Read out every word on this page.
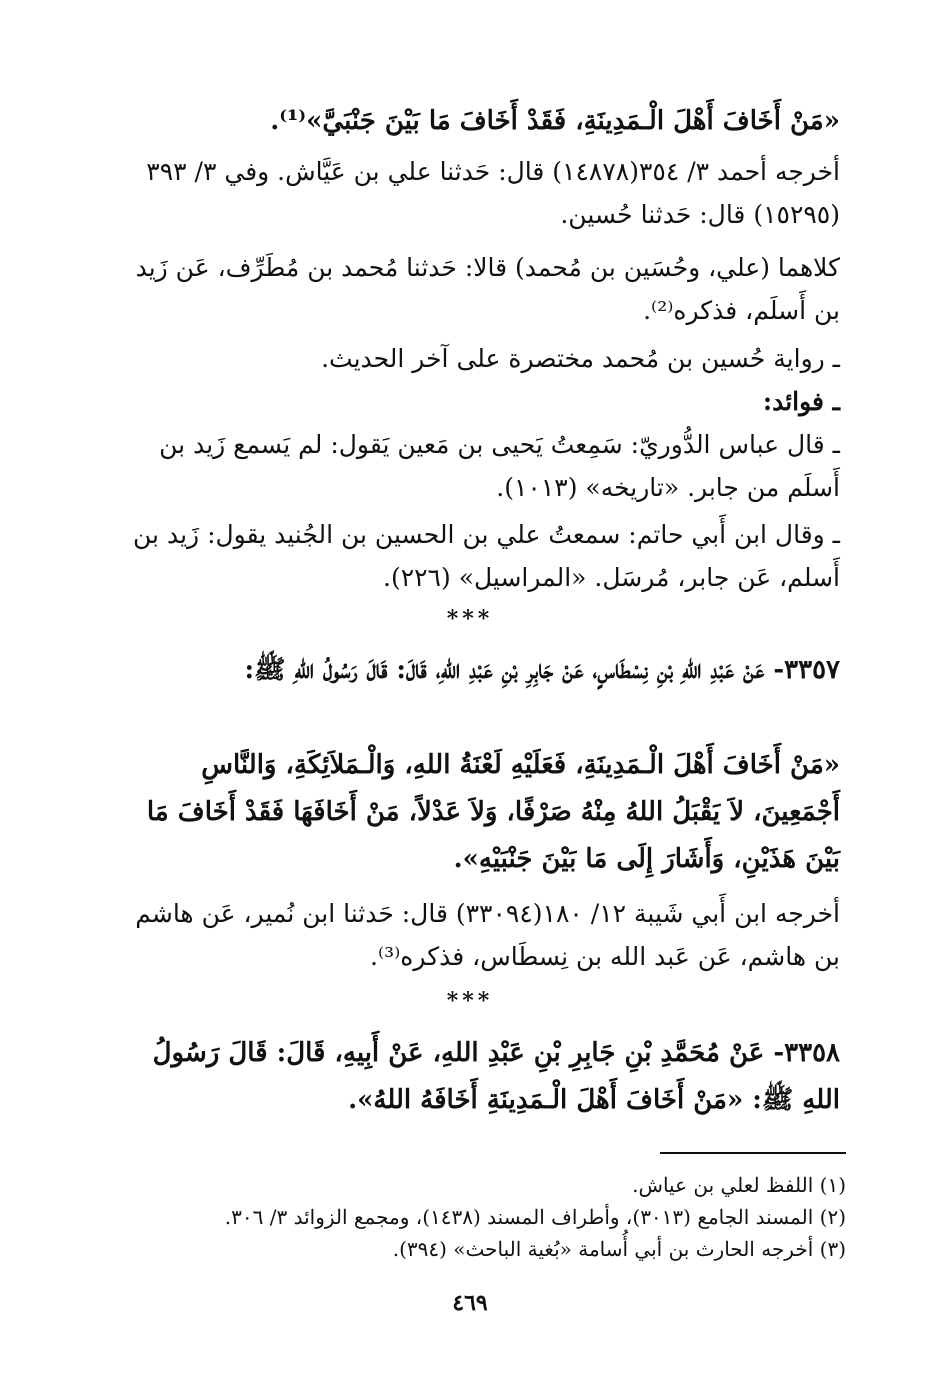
«مَنْ أَخَافَ أَهْلَ الْـمَدِينَةِ، فَقَدْ أَخَافَ مَا بَيْنَ جَنْبَيَّ»⁽¹⁾.
أخرجه أحمد ٣/ ٣٥٤(١٤٨٧٨) قال: حَدثنا علي بن عَيَّاش. وفي ٣/ ٣٩٣ (١٥٢٩٥) قال: حَدثنا حُسين.
كلاهما (علي، وحُسَين بن مُحمد) قالا: حَدثنا مُحمد بن مُطَرِّف، عَن زَيد بن أَسلَم، فذكره⁽²⁾.
ـ رواية حُسين بن مُحمد مختصرة على آخر الحديث.
ـ فوائد:
ـ قال عباس الدُّوريّ: سَمِعتُ يَحيى بن مَعين يَقول: لم يَسمع زَيد بن أَسلَم من جابر. «تاريخه» (١٠١٣).
ـ وقال ابن أَبي حاتم: سمعتُ علي بن الحسين بن الجُنيد يقول: زَيد بن أَسلم، عَن جابر، مُرسَل. «المراسيل» (٢٢٦).
***
٣٣٥٧- عَنْ عَبْدِ اللهِ بْنِ نِسْطَاسٍ، عَنْ جَابِرِ بْنِ عَبْدِ اللهِ، قَالَ: قَالَ رَسُولُ اللهِ ﷺ:
«مَنْ أَخَافَ أَهْلَ الْـمَدِينَةِ، فَعَلَيْهِ لَعْنَةُ اللهِ، وَالْـمَلاَئِكَةِ، وَالنَّاسِ أَجْمَعِينَ، لاَ يَقْبَلُ اللهُ مِنْهُ صَرْفًا، وَلاَ عَدْلاً، مَنْ أَخَافَهَا فَقَدْ أَخَافَ مَا بَيْنَ هَذَيْنِ، وَأَشَارَ إِلَى مَا بَيْنَ جَنْبَيْهِ».
أخرجه ابن أَبي شَيبة ١٢/ ١٨٠(٣٣٠٩٤) قال: حَدثنا ابن نُمير، عَن هاشم بن هاشم، عَن عَبد الله بن نِسطَاس، فذكره⁽³⁾.
***
٣٣٥٨- عَنْ مُحَمَّدِ بْنِ جَابِرِ بْنِ عَبْدِ اللهِ، عَنْ أَبِيهِ، قَالَ: قَالَ رَسُولُ اللهِ ﷺ: «مَنْ أَخَافَ أَهْلَ الْـمَدِينَةِ أَخَافَهُ اللهُ».
(١) اللفظ لعلي بن عياش.
(٢) المسند الجامع (٣٠١٣)، وأطراف المسند (١٤٣٨)، ومجمع الزوائد ٣/ ٣٠٦.
(٣) أخرجه الحارث بن أبي أُسامة «بُغية الباحث» (٣٩٤).
٤٦٩
